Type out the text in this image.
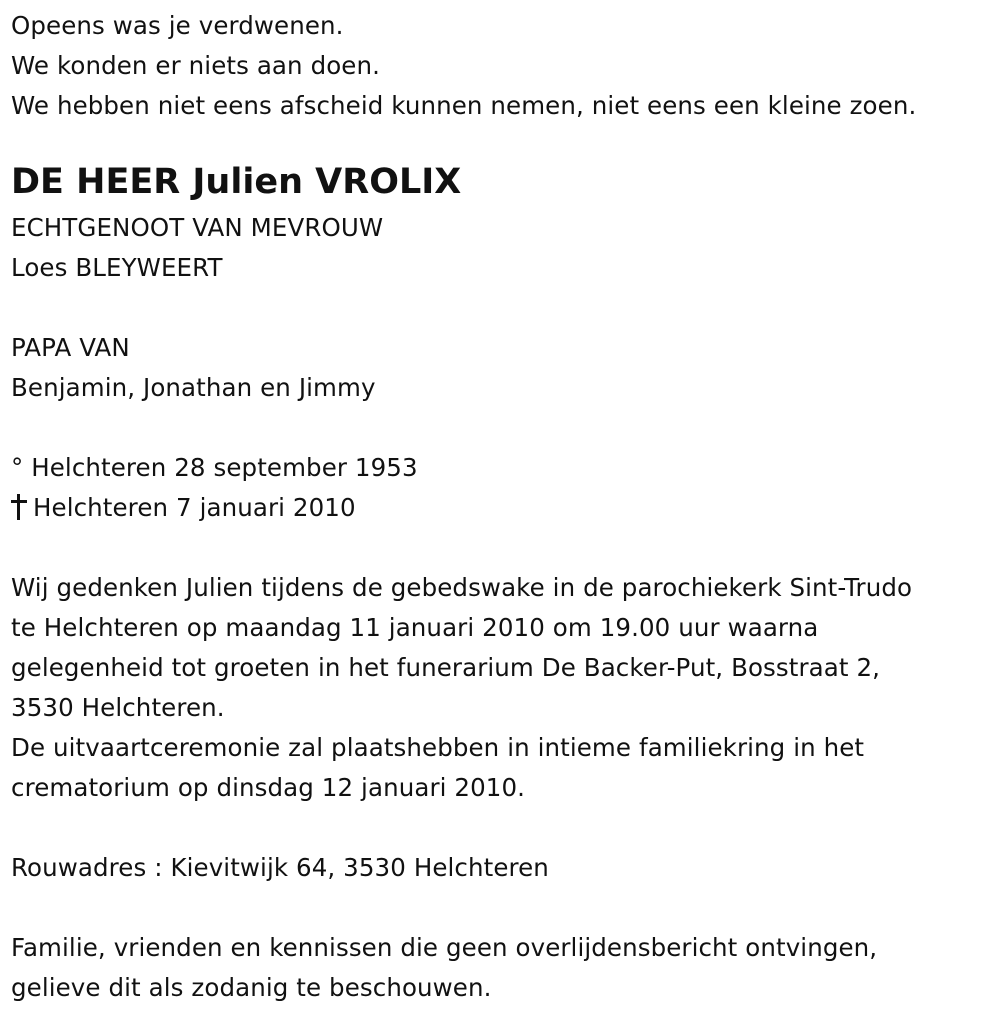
Opeens was je verdwenen.
We konden er niets aan doen.
We hebben niet eens afscheid kunnen nemen, niet eens een kleine zoen.
DE HEER Julien VROLIX
ECHTGENOOT VAN MEVROUW
Loes BLEYWEERT
PAPA VAN
Benjamin, Jonathan en Jimmy
° Helchteren 28 september 1953
Helchteren 7 januari 2010
Wij gedenken Julien tijdens de gebedswake in de parochiekerk Sint-Trudo
te Helchteren op maandag 11 januari 2010 om 19.00 uur waarna
gelegenheid tot groeten in het funerarium De Backer-Put, Bosstraat 2,
3530 Helchteren.
De uitvaartceremonie zal plaatshebben in intieme familiekring in het
crematorium op dinsdag 12 januari 2010.
Rouwadres : Kievitwijk 64, 3530 Helchteren
Familie, vrienden en kennissen die geen overlijdensbericht ontvingen,
gelieve dit als zodanig te beschouwen.
